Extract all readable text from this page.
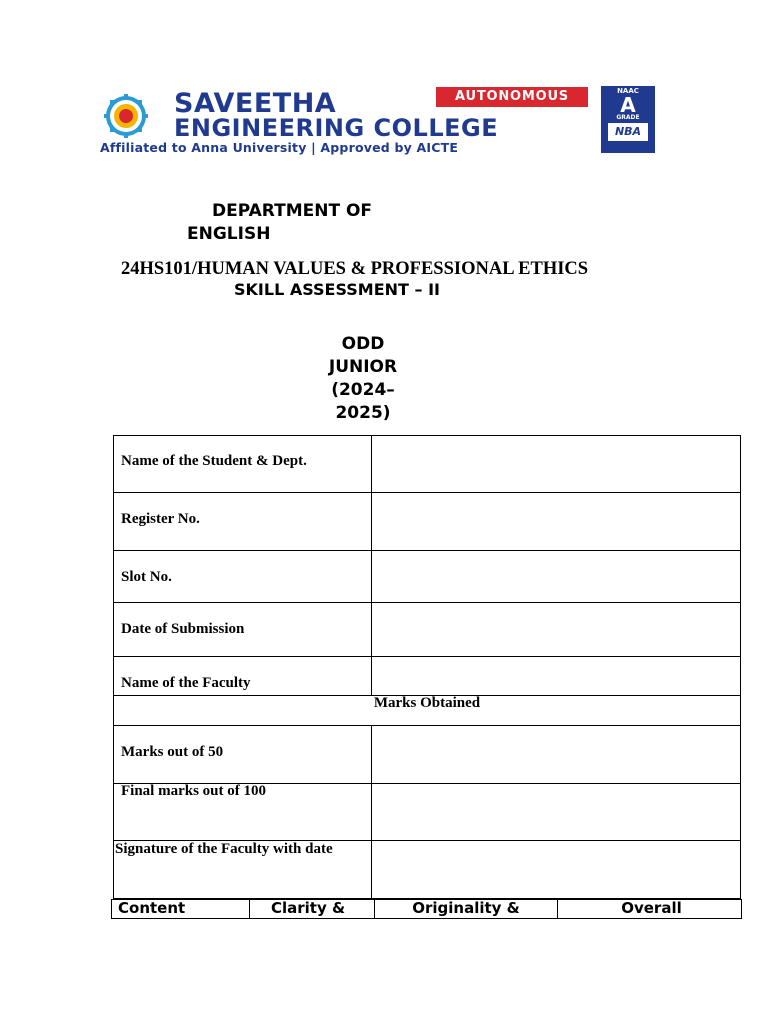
SAVEETHA
ENGINEERING COLLEGE
Affiliated to Anna University | Approved by AICTE
AUTONOMOUS	NAAC
A
GRADE
NBA
DEPARTMENT OF
ENGLISH
24HS101/HUMAN VALUES & PROFESSIONAL ETHICS
SKILL ASSESSMENT – II
ODD
JUNIOR
(2024–
2025)
Name of the Student & Dept.
Register No.
Slot No.
Date of Submission
Name of the Faculty
Marks Obtained
Marks out of 50
Final marks out of 100
Signature of the Faculty with date
Content	Clarity &	Originality &	Overall
